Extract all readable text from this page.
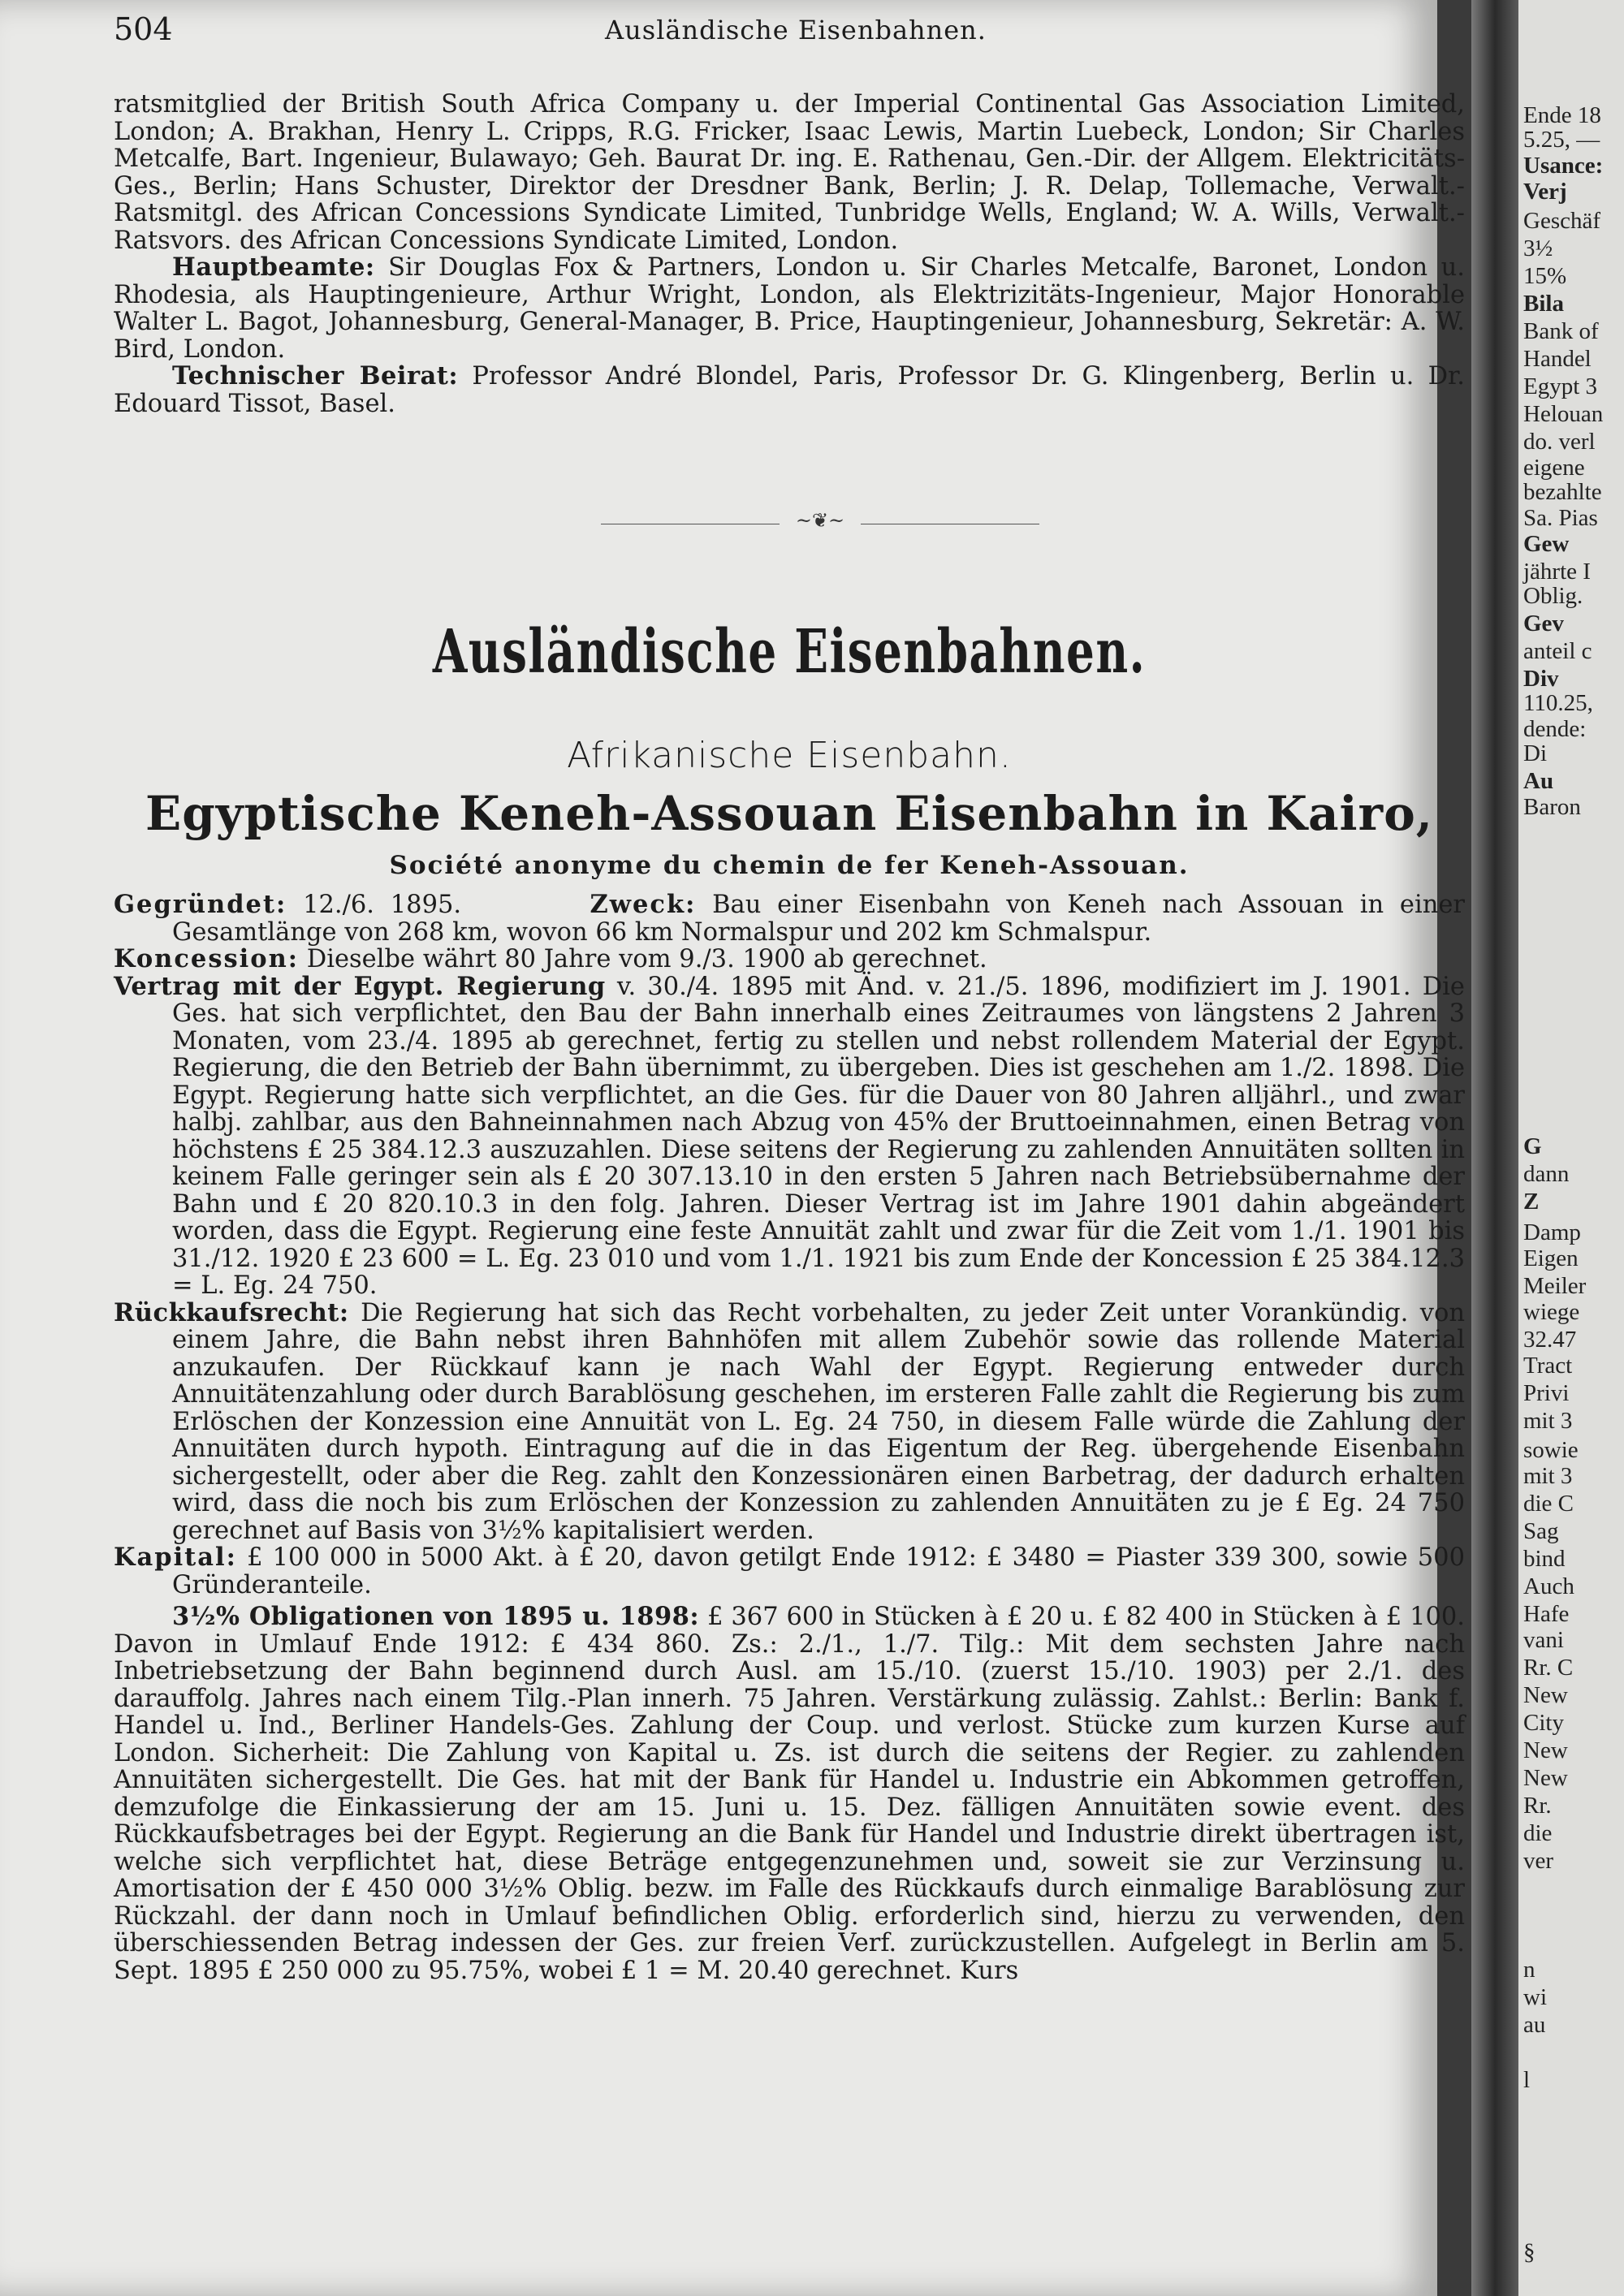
504	Ausländische Eisenbahnen.

ratsmitglied der British South Africa Company u. der Imperial Continental Gas Association Limited, London; A. Brakhan, Henry L. Cripps, R.G. Fricker, Isaac Lewis, Martin Luebeck, London; Sir Charles Metcalfe, Bart. Ingenieur, Bulawayo; Geh. Baurat Dr. ing. E. Rathenau, Gen.-Dir. der Allgem. Elektricitäts-Ges., Berlin; Hans Schuster, Direktor der Dresdner Bank, Berlin; J. R. Delap, Tollemache, Verwalt.-Ratsmitgl. des African Concessions Syndicate Limited, Tunbridge Wells, England; W. A. Wills, Verwalt.-Ratsvors. des African Concessions Syndicate Limited, London.

Hauptbeamte: Sir Douglas Fox & Partners, London u. Sir Charles Metcalfe, Baronet, London u. Rhodesia, als Hauptingenieure, Arthur Wright, London, als Elektrizitäts-Ingenieur, Major Honorable Walter L. Bagot, Johannesburg, General-Manager, B. Price, Hauptingenieur, Johannesburg, Sekretär: A. W. Bird, London.

Technischer Beirat: Professor André Blondel, Paris, Professor Dr. G. Klingenberg, Berlin u. Dr. Edouard Tissot, Basel.

~❦~
Ausländische Eisenbahnen.
Afrikanische Eisenbahn.
Egyptische Keneh-Assouan Eisenbahn in Kairo,
Société anonyme du chemin de fer Keneh-Assouan.

Gegründet: 12./6. 1895.	Zweck: Bau einer Eisenbahn von Keneh nach Assouan in einer Gesamtlänge von 268 km, wovon 66 km Normalspur und 202 km Schmalspur.

Koncession: Dieselbe währt 80 Jahre vom 9./3. 1900 ab gerechnet.

Vertrag mit der Egypt. Regierung v. 30./4. 1895 mit Änd. v. 21./5. 1896, modifiziert im J. 1901. Die Ges. hat sich verpflichtet, den Bau der Bahn innerhalb eines Zeitraumes von längstens 2 Jahren 3 Monaten, vom 23./4. 1895 ab gerechnet, fertig zu stellen und nebst rollendem Material der Egypt. Regierung, die den Betrieb der Bahn übernimmt, zu übergeben. Dies ist geschehen am 1./2. 1898. Die Egypt. Regierung hatte sich verpflichtet, an die Ges. für die Dauer von 80 Jahren alljährl., und zwar halbj. zahlbar, aus den Bahneinnahmen nach Abzug von 45% der Bruttoeinnahmen, einen Betrag von höchstens £ 25 384.12.3 auszuzahlen. Diese seitens der Regierung zu zahlenden Annuitäten sollten in keinem Falle geringer sein als £ 20 307.13.10 in den ersten 5 Jahren nach Betriebsübernahme der Bahn und £ 20 820.10.3 in den folg. Jahren. Dieser Vertrag ist im Jahre 1901 dahin abgeändert worden, dass die Egypt. Regierung eine feste Annuität zahlt und zwar für die Zeit vom 1./1. 1901 bis 31./12. 1920 £ 23 600 = L. Eg. 23 010 und vom 1./1. 1921 bis zum Ende der Koncession £ 25 384.12.3 = L. Eg. 24 750.

Rückkaufsrecht: Die Regierung hat sich das Recht vorbehalten, zu jeder Zeit unter Vorankündig. von einem Jahre, die Bahn nebst ihren Bahnhöfen mit allem Zubehör sowie das rollende Material anzukaufen. Der Rückkauf kann je nach Wahl der Egypt. Regierung entweder durch Annuitätenzahlung oder durch Barablösung geschehen, im ersteren Falle zahlt die Regierung bis zum Erlöschen der Konzession eine Annuität von L. Eg. 24 750, in diesem Falle würde die Zahlung der Annuitäten durch hypoth. Eintragung auf die in das Eigentum der Reg. übergehende Eisenbahn sichergestellt, oder aber die Reg. zahlt den Konzessionären einen Barbetrag, der dadurch erhalten wird, dass die noch bis zum Erlöschen der Konzession zu zahlenden Annuitäten zu je £ Eg. 24 750 gerechnet auf Basis von 3½% kapitalisiert werden.

Kapital: £ 100 000 in 5000 Akt. à £ 20, davon getilgt Ende 1912: £ 3480 = Piaster 339 300, sowie 500 Gründeranteile.

3½% Obligationen von 1895 u. 1898: £ 367 600 in Stücken à £ 20 u. £ 82 400 in Stücken à £ 100. Davon in Umlauf Ende 1912: £ 434 860. Zs.: 2./1., 1./7. Tilg.: Mit dem sechsten Jahre nach Inbetriebsetzung der Bahn beginnend durch Ausl. am 15./10. (zuerst 15./10. 1903) per 2./1. des darauffolg. Jahres nach einem Tilg.-Plan innerh. 75 Jahren. Verstärkung zulässig. Zahlst.: Berlin: Bank f. Handel u. Ind., Berliner Handels-Ges. Zahlung der Coup. und verlost. Stücke zum kurzen Kurse auf London. Sicherheit: Die Zahlung von Kapital u. Zs. ist durch die seitens der Regier. zu zahlenden Annuitäten sichergestellt. Die Ges. hat mit der Bank für Handel u. Industrie ein Abkommen getroffen, demzufolge die Einkassierung der am 15. Juni u. 15. Dez. fälligen Annuitäten sowie event. des Rückkaufsbetrages bei der Egypt. Regierung an die Bank für Handel und Industrie direkt übertragen ist, welche sich verpflichtet hat, diese Beträge entgegenzunehmen und, soweit sie zur Verzinsung u. Amortisation der £ 450 000 3½% Oblig. bezw. im Falle des Rückkaufs durch einmalige Barablösung zur Rückzahl. der dann noch in Umlauf befindlichen Oblig. erforderlich sind, hierzu zu verwenden, den überschiessenden Betrag indessen der Ges. zur freien Verf. zurückzustellen. Aufgelegt in Berlin am 5. Sept. 1895 £ 250 000 zu 95.75%, wobei £ 1 = M. 20.40 gerechnet. Kurs

Ende 18
5.25, —
Usance:
Verj
Geschäf
3½
15%
Bila
Bank of
Handel
Egypt 3
Helouan
do. verl
eigene
bezahlte
Sa. Pias
Gew
jährte I
Oblig.
Gev
anteil c
Div
110.25,
dende:
Di
Au
Baron
G
dann
Z
Damp
Eigen
Meiler
wiege
32.47
Tract
Privi
mit 3
sowie
mit 3
die C
Sag
bind
Auch
Hafe
vani
Rr. C
New
City
New
New
Rr.
die
ver
n
wi
au
l
§
